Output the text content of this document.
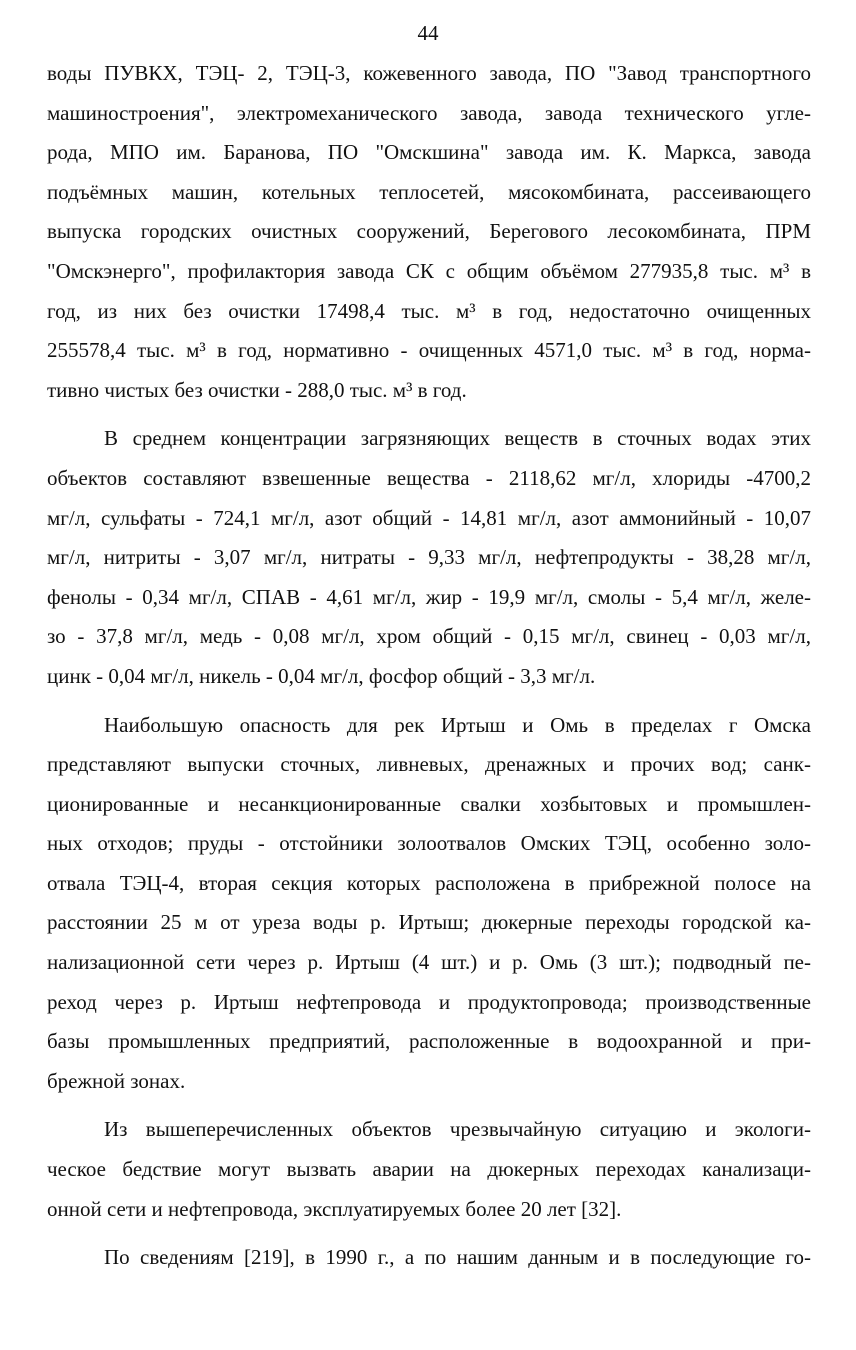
44

воды ПУВКХ, ТЭЦ- 2, ТЭЦ-3, кожевенного завода, ПО "Завод транспортного
машиностроения", электромеханического завода, завода технического угле-
рода, МПО им. Баранова, ПО "Омскшина" завода им. К. Маркса, завода
подъёмных машин, котельных теплосетей, мясокомбината, рассеивающего
выпуска городских очистных сооружений, Берегового лесокомбината, ПРМ
"Омскэнерго", профилактория завода СК с общим объёмом 277935,8 тыс. м³ в
год, из них без очистки 17498,4 тыс. м³ в год, недостаточно очищенных
255578,4 тыс. м³ в год, нормативно - очищенных 4571,0 тыс. м³ в год, норма-
тивно чистых без очистки - 288,0 тыс. м³ в год.

В среднем концентрации загрязняющих веществ в сточных водах этих
объектов составляют взвешенные вещества - 2118,62 мг/л, хлориды -4700,2
мг/л, сульфаты - 724,1 мг/л, азот общий - 14,81 мг/л, азот аммонийный - 10,07
мг/л, нитриты - 3,07 мг/л, нитраты - 9,33 мг/л, нефтепродукты - 38,28 мг/л,
фенолы - 0,34 мг/л, СПАВ - 4,61 мг/л, жир - 19,9 мг/л, смолы - 5,4 мг/л, желе-
зо - 37,8 мг/л, медь - 0,08 мг/л, хром общий - 0,15 мг/л, свинец - 0,03 мг/л,
цинк - 0,04 мг/л, никель - 0,04 мг/л, фосфор общий - 3,3 мг/л.

Наибольшую опасность для рек Иртыш и Омь в пределах г Омска
представляют выпуски сточных, ливневых, дренажных и прочих вод; санк-
ционированные и несанкционированные свалки хозбытовых и промышлен-
ных отходов; пруды - отстойники золоотвалов Омских ТЭЦ, особенно золо-
отвала ТЭЦ-4, вторая секция которых расположена в прибрежной полосе на
расстоянии 25 м от уреза воды р. Иртыш; дюкерные переходы городской ка-
нализационной сети через р. Иртыш (4 шт.) и р. Омь (3 шт.); подводный пе-
реход через р. Иртыш нефтепровода и продуктопровода; производственные
базы промышленных предприятий, расположенные в водоохранной и при-
брежной зонах.

Из вышеперечисленных объектов чрезвычайную ситуацию и экологи-
ческое бедствие могут вызвать аварии на дюкерных переходах канализаци-
онной сети и нефтепровода, эксплуатируемых более 20 лет [32].

По сведениям [219], в 1990 г., а по нашим данным и в последующие го-
